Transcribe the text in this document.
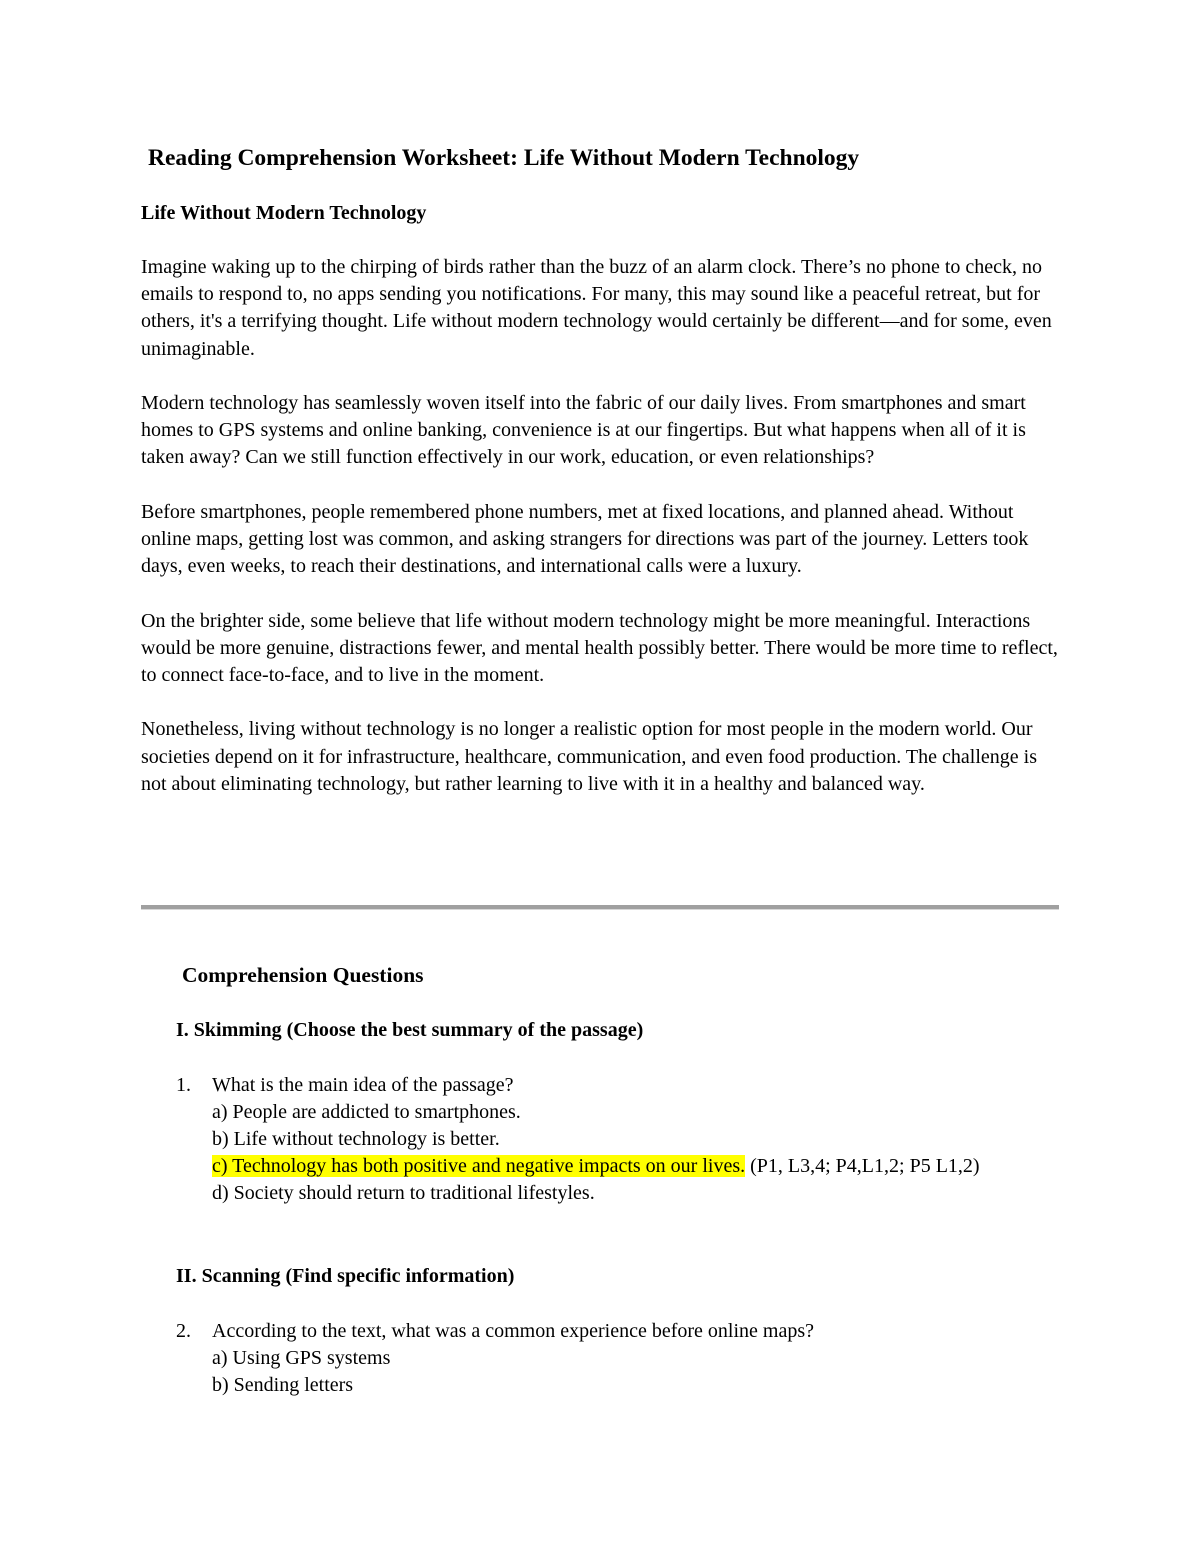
Reading Comprehension Worksheet: Life Without Modern Technology

Life Without Modern Technology

Imagine waking up to the chirping of birds rather than the buzz of an alarm clock. There’s no phone to check, no emails to respond to, no apps sending you notifications. For many, this may sound like a peaceful retreat, but for others, it's a terrifying thought. Life without modern technology would certainly be different—and for some, even unimaginable.

Modern technology has seamlessly woven itself into the fabric of our daily lives. From smartphones and smart homes to GPS systems and online banking, convenience is at our fingertips. But what happens when all of it is taken away? Can we still function effectively in our work, education, or even relationships?

Before smartphones, people remembered phone numbers, met at fixed locations, and planned ahead. Without online maps, getting lost was common, and asking strangers for directions was part of the journey. Letters took days, even weeks, to reach their destinations, and international calls were a luxury.

On the brighter side, some believe that life without modern technology might be more meaningful. Interactions would be more genuine, distractions fewer, and mental health possibly better. There would be more time to reflect, to connect face-to-face, and to live in the moment.

Nonetheless, living without technology is no longer a realistic option for most people in the modern world. Our societies depend on it for infrastructure, healthcare, communication, and even food production. The challenge is not about eliminating technology, but rather learning to live with it in a healthy and balanced way.

Comprehension Questions
I. Skimming (Choose the best summary of the passage)
1. What is the main idea of the passage?
a) People are addicted to smartphones.
b) Life without technology is better.
c) Technology has both positive and negative impacts on our lives. (P1, L3,4; P4,L1,2; P5 L1,2)
d) Society should return to traditional lifestyles.
II. Scanning (Find specific information)
2. According to the text, what was a common experience before online maps?
a) Using GPS systems
b) Sending letters
